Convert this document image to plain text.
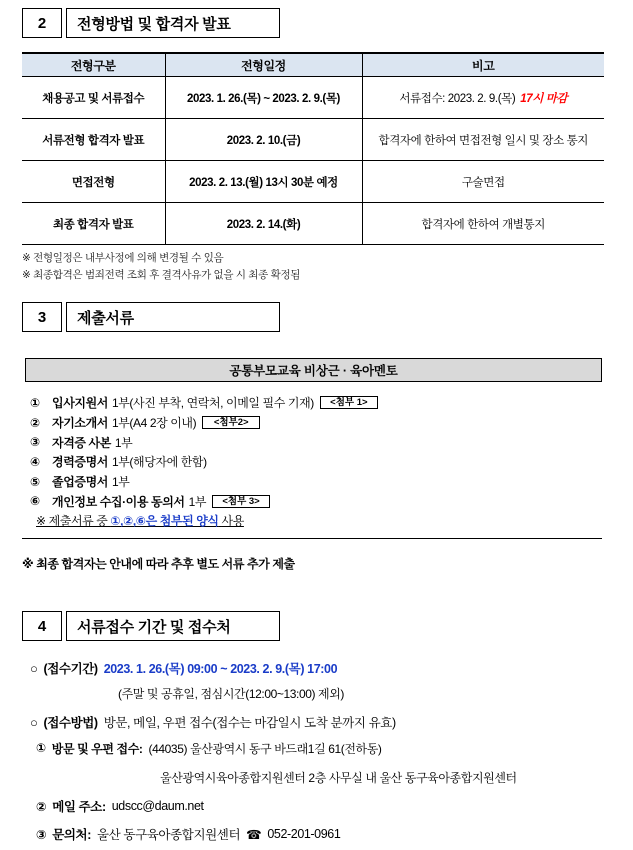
2	전형방법 및 합격자 발표
전형구분	전형일정	비고
채용공고 및 서류접수	2023. 1. 26.(목) ~ 2023. 2. 9.(목)	서류접수: 2023. 2. 9.(목) 17시 마감
서류전형 합격자 발표	2023. 2. 10.(금)	합격자에 한하여 면접전형 일시 및 장소 통지
면접전형	2023. 2. 13.(월) 13시 30분 예정	구술면접
최종 합격자 발표	2023. 2. 14.(화)	합격자에 한하여 개별통지
※ 전형일정은 내부사정에 의해 변경될 수 있음
※ 최종합격은 범죄전력 조회 후 결격사유가 없을 시 최종 확정됨
3	제출서류
공통부모교육 비상근 · 육아멘토
①	입사지원서 1부(사진 부착, 연락처, 이메일 필수 기재)	<첨부 1>
②	자기소개서 1부(A4 2장 이내)	<첨부2>
③	자격증 사본 1부
④	경력증명서 1부(해당자에 한함)
⑤	졸업증명서 1부
⑥	개인정보 수집·이용 동의서 1부	<첨부 3>
※ 제출서류 중 ①,②,⑥은 첨부된 양식 사용
※ 최종 합격자는 안내에 따라 추후 별도 서류 추가 제출
4	서류접수 기간 및 접수처
○ (접수기간) 2023. 1. 26.(목) 09:00 ~ 2023. 2. 9.(목) 17:00
(주말 및 공휴일, 점심시간(12:00~13:00) 제외)
○ (접수방법) 방문, 메일, 우편 접수(접수는 마감일시 도착 분까지 유효)
① 방문 및 우편 접수: (44035) 울산광역시 동구 바드래1길 61(전하동)
울산광역시육아종합지원센터 2층 사무실 내 울산 동구육아종합지원센터
② 메일 주소: udscc@daum.net
③ 문의처: 울산 동구육아종합지원센터 ☎ 052-201-0961
